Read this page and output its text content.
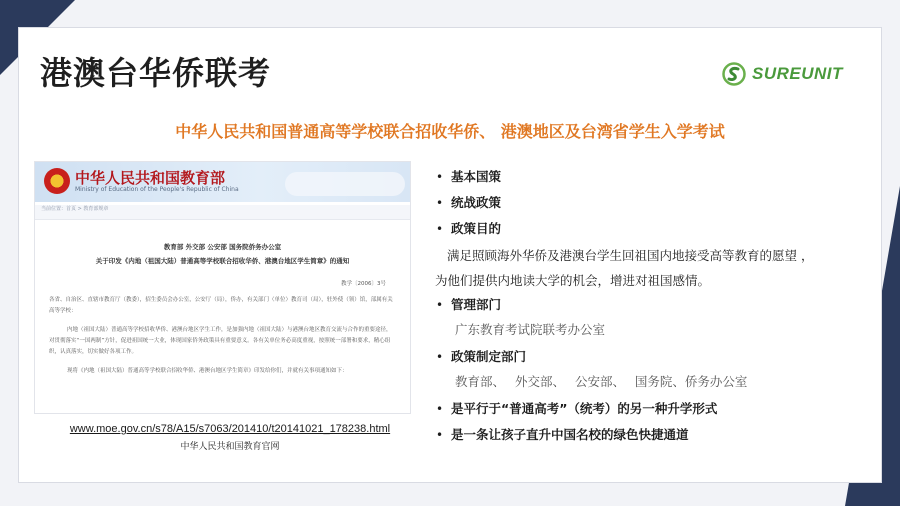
港澳台华侨联考	SUREUNIT
中华人民共和国普通高等学校联合招收华侨、 港澳地区及台湾省学生入学考试
中华人民共和国教育部
Ministry of Education of the People's Republic of China
当前位置：首页 > 教育部规章
教育部 外交部 公安部 国务院侨务办公室
关于印发《内地（祖国大陆）普通高等学校联合招收华侨、港澳台地区学生简章》的通知
教学〔2006〕3号
各省、自治区、直辖市教育厅（教委），招生委员会办公室，公安厅（局），侨办，有关部门（单位）教育司（局），驻外使（领）馆，部属有关高等学校：
内地（祖国大陆）普通高等学校招收华侨、港澳台地区学生工作，是加强内地（祖国大陆）与港澳台地区教育交流与合作的重要途径，对贯彻落实“一国两制”方针，促进祖国统一大业，体现国家侨务政策具有重要意义。各有关单位务必高度重视，按照统一部署和要求，精心组织，认真落实，切实做好各项工作。
现将《内地（祖国大陆）普通高等学校联合招收华侨、港澳台地区学生简章》印发给你们，并就有关事项通知如下：
www.moe.gov.cn/s78/A15/s7063/201410/t20141021_178238.html
中华人民共和国教育官网
• 基本国策
• 统战政策
• 政策目的
满足照顾海外华侨及港澳台学生回祖国内地接受高等教育的愿望 ，
为他们提供内地读大学的机会，增进对祖国感情。
• 管理部门
广东教育考试院联考办公室
• 政策制定部门
教育部、 外交部、 公安部、 国务院、侨务办公室
• 是平行于“普通高考”（统考）的另一种升学形式
• 是一条让孩子直升中国名校的绿色快捷通道
